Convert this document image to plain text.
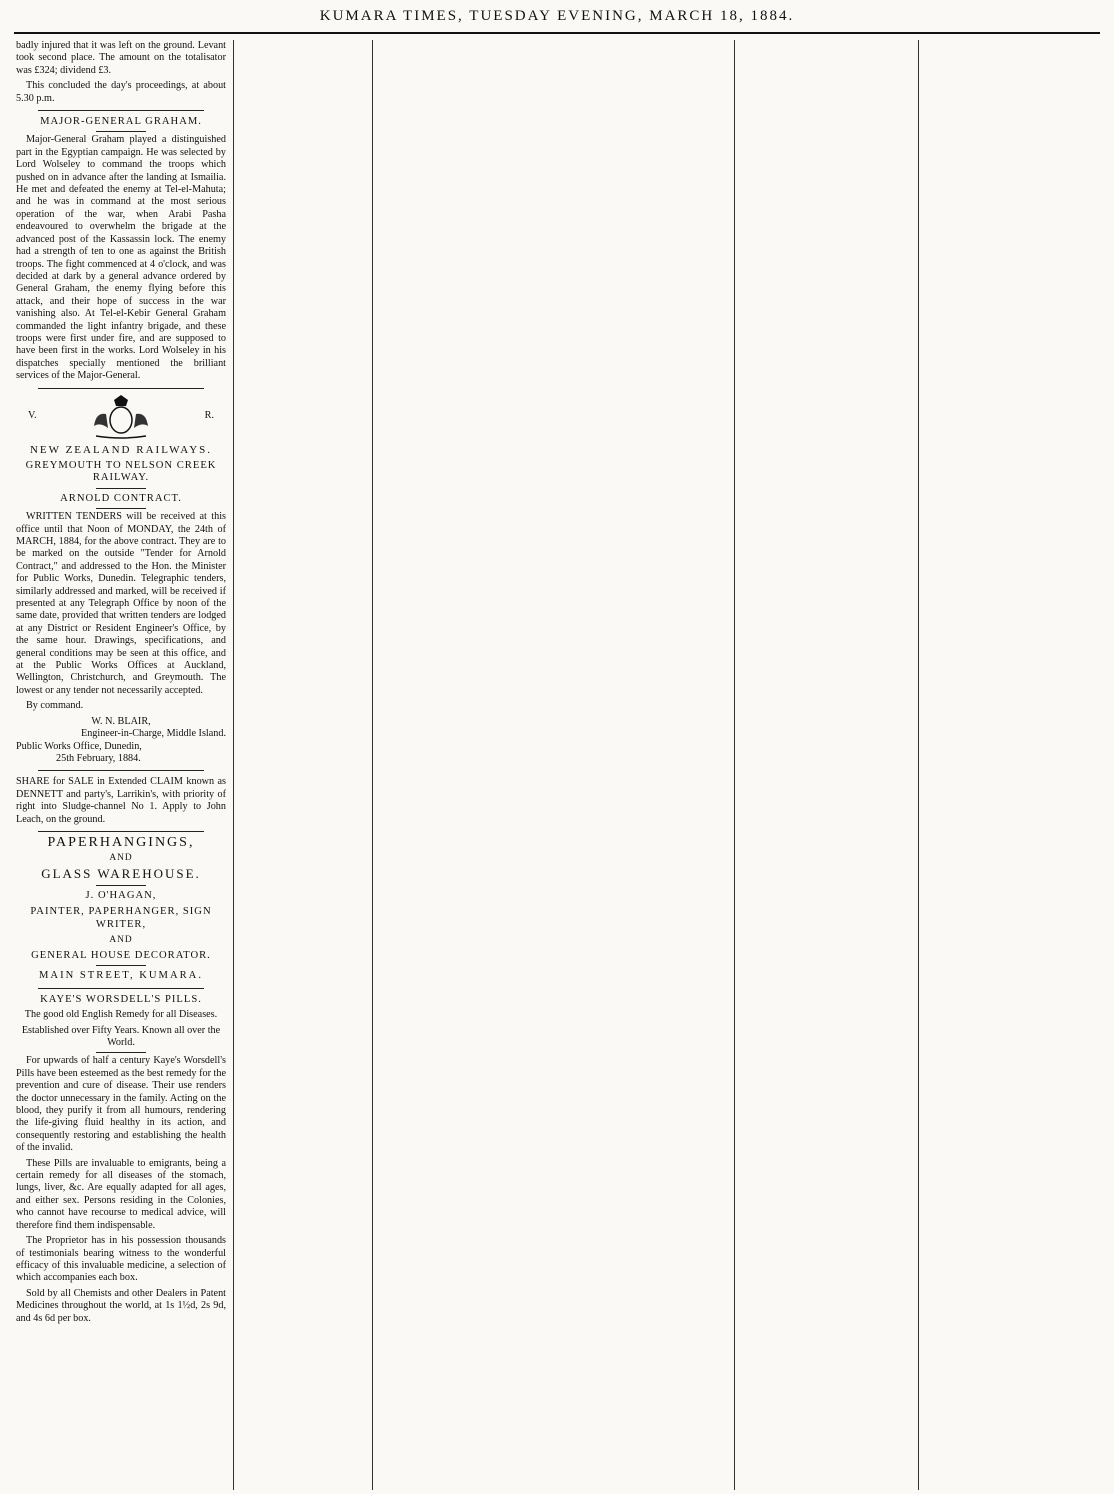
KUMARA TIMES, TUESDAY EVENING, MARCH 18, 1884.

badly injured that it was left on the ground. Levant took second place. The amount on the totalisator was £324; dividend £3.

This concluded the day's proceedings, at about 5.30 p.m.

MAJOR-GENERAL GRAHAM.

Major-General Graham played a distinguished part in the Egyptian campaign. He was selected by Lord Wolseley to command the troops which pushed on in advance after the landing at Ismailia. He met and defeated the enemy at Tel-el-Mahuta; and he was in command at the most serious operation of the war, when Arabi Pasha endeavoured to overwhelm the brigade at the advanced post of the Kassassin lock. The enemy had a strength of ten to one as against the British troops. The fight commenced at 4 o'clock, and was decided at dark by a general advance ordered by General Graham, the enemy flying before this attack, and their hope of success in the war vanishing also. At Tel-el-Kebir General Graham commanded the light infantry brigade, and these troops were first under fire, and are supposed to have been first in the works. Lord Wolseley in his dispatches specially mentioned the brilliant services of the Major-General.

V.	R.
NEW ZEALAND RAILWAYS.
GREYMOUTH TO NELSON CREEK RAILWAY.
ARNOLD CONTRACT.

WRITTEN TENDERS will be received at this office until that Noon of MONDAY, the 24th of MARCH, 1884, for the above contract. They are to be marked on the outside "Tender for Arnold Contract," and addressed to the Hon. the Minister for Public Works, Dunedin. Telegraphic tenders, similarly addressed and marked, will be received if presented at any Telegraph Office by noon of the same date, provided that written tenders are lodged at any District or Resident Engineer's Office, by the same hour. Drawings, specifications, and general conditions may be seen at this office, and at the Public Works Offices at Auckland, Wellington, Christchurch, and Greymouth. The lowest or any tender not necessarily accepted.

By command.

W. N. BLAIR,
Engineer-in-Charge, Middle Island.
Public Works Office, Dunedin,
25th February, 1884.

SHARE for SALE in Extended CLAIM known as DENNETT and party's, Larrikin's, with priority of right into Sludge-channel No 1. Apply to John Leach, on the ground.

PAPERHANGINGS,
AND
GLASS WAREHOUSE.
J. O'HAGAN,
PAINTER, PAPERHANGER, SIGN WRITER,
AND
GENERAL HOUSE DECORATOR.
MAIN STREET, KUMARA.
KAYE'S WORSDELL'S PILLS.

The good old English Remedy for all Diseases.

Established over Fifty Years. Known all over the World.

For upwards of half a century Kaye's Worsdell's Pills have been esteemed as the best remedy for the prevention and cure of disease. Their use renders the doctor unnecessary in the family. Acting on the blood, they purify it from all humours, rendering the life-giving fluid healthy in its action, and consequently restoring and establishing the health of the invalid.

These Pills are invaluable to emigrants, being a certain remedy for all diseases of the stomach, lungs, liver, &c. Are equally adapted for all ages, and either sex. Persons residing in the Colonies, who cannot have recourse to medical advice, will therefore find them indispensable.

The Proprietor has in his possession thousands of testimonials bearing witness to the wonderful efficacy of this invaluable medicine, a selection of which accompanies each box.

Sold by all Chemists and other Dealers in Patent Medicines throughout the world, at 1s 1½d, 2s 9d, and 4s 6d per box.
